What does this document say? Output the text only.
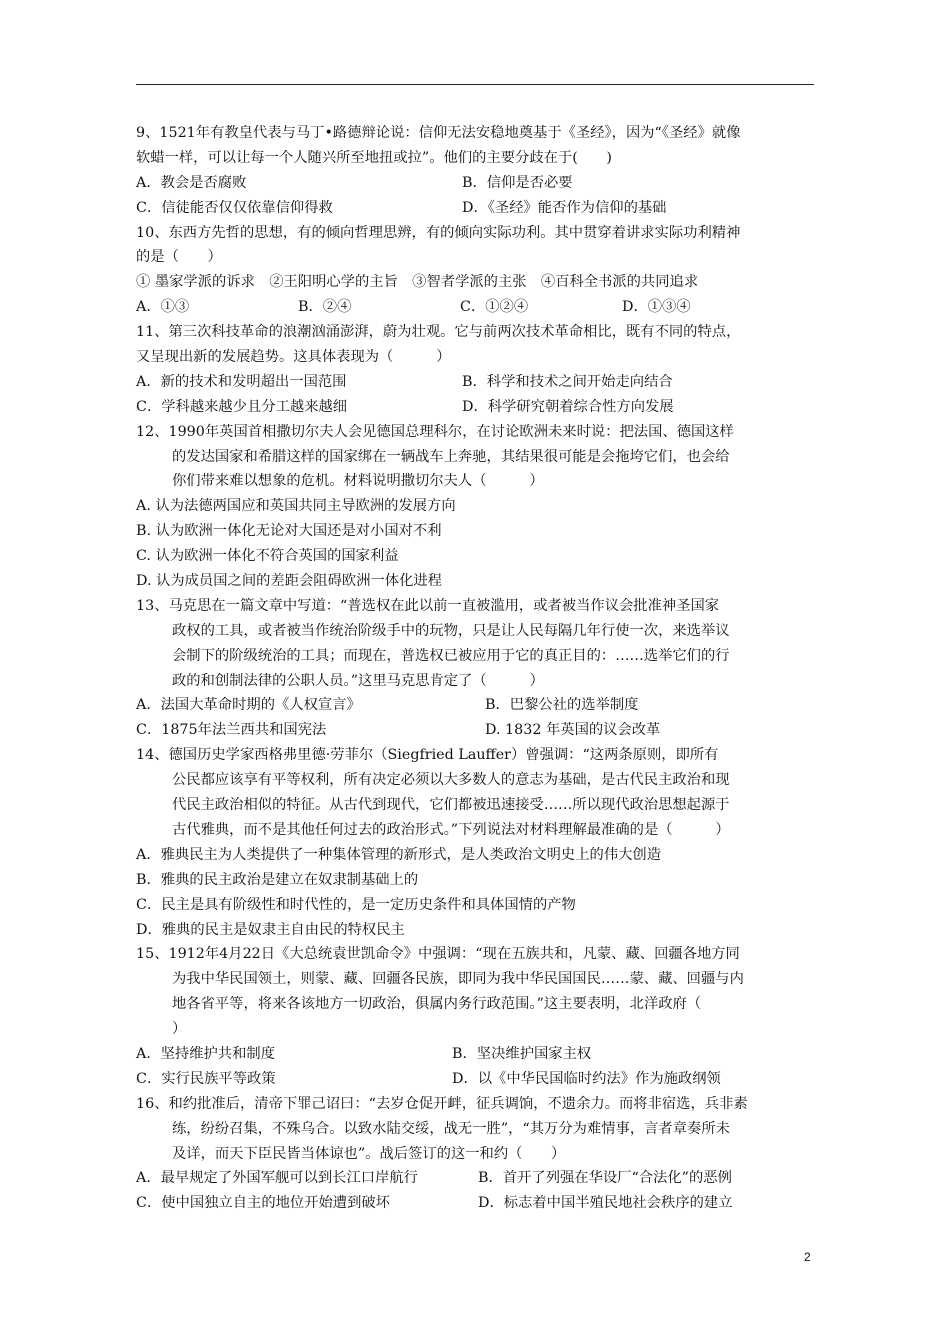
9、1521年有教皇代表与马丁•路德辩论说：信仰无法安稳地奠基于《圣经》，因为“《圣经》就像
软蜡一样，可以让每一个人随兴所至地扭或拉”。他们的主要分歧在于(　　)
A．教会是否腐败	B．信仰是否必要
C．信徒能否仅仅依靠信仰得救	D．《圣经》能否作为信仰的基础
10、东西方先哲的思想，有的倾向哲理思辨，有的倾向实际功利。其中贯穿着讲求实际功利精神
的是（　　）
① 墨家学派的诉求　②王阳明心学的主旨　③智者学派的主张　④百科全书派的共同追求
A．①③	B．②④	C．①②④	D．①③④
11、第三次科技革命的浪潮汹涌澎湃，蔚为壮观。它与前两次技术革命相比，既有不同的特点，
又呈现出新的发展趋势。这具体表现为（　　　）
A．新的技术和发明超出一国范围	B．科学和技术之间开始走向结合
C．学科越来越少且分工越来越细	D．科学研究朝着综合性方向发展
12、1990年英国首相撒切尔夫人会见德国总理科尔，在讨论欧洲未来时说：把法国、德国这样
的发达国家和希腊这样的国家绑在一辆战车上奔驰，其结果很可能是会拖垮它们，也会给
你们带来难以想象的危机。材料说明撒切尔夫人（　　　）
A. 认为法德两国应和英国共同主导欧洲的发展方向
B. 认为欧洲一体化无论对大国还是对小国对不利
C. 认为欧洲一体化不符合英国的国家利益
D. 认为成员国之间的差距会阻碍欧洲一体化进程
13、马克思在一篇文章中写道：“普选权在此以前一直被滥用，或者被当作议会批准神圣国家
政权的工具，或者被当作统治阶级手中的玩物，只是让人民每隔几年行使一次，来选举议
会制下的阶级统治的工具；而现在，普选权已被应用于它的真正目的：……选举它们的行
政的和创制法律的公职人员。”这里马克思肯定了（　　　）
A．法国大革命时期的《人权宣言》	B．巴黎公社的选举制度
C．1875年法兰西共和国宪法	D. 1832 年英国的议会改革
14、德国历史学家西格弗里德·劳菲尔（Siegfried Lauffer）曾强调：“这两条原则，即所有
公民都应该享有平等权利，所有决定必须以大多数人的意志为基础，是古代民主政治和现
代民主政治相似的特征。从古代到现代，它们都被迅速接受……所以现代政治思想起源于
古代雅典，而不是其他任何过去的政治形式。”下列说法对材料理解最准确的是（　　　）
A．雅典民主为人类提供了一种集体管理的新形式，是人类政治文明史上的伟大创造
B．雅典的民主政治是建立在奴隶制基础上的
C．民主是具有阶级性和时代性的，是一定历史条件和具体国情的产物
D．雅典的民主是奴隶主自由民的特权民主
15、1912年4月22日《大总统袁世凯命令》中强调：“现在五族共和，凡蒙、藏、回疆各地方同
为我中华民国领土，则蒙、藏、回疆各民族，即同为我中华民国国民……蒙、藏、回疆与内
地各省平等，将来各该地方一切政治，俱属内务行政范围。”这主要表明，北洋政府（
）
A．坚持维护共和制度	B．坚决维护国家主权
C．实行民族平等政策	D．以《中华民国临时约法》作为施政纲领
16、和约批准后，清帝下罪己诏曰：“去岁仓促开衅，征兵调饷，不遗余力。而将非宿选，兵非素
练，纷纷召集，不殊乌合。以致水陆交绥，战无一胜”，“其万分为难情事，言者章奏所未
及详，而天下臣民皆当体谅也”。战后签订的这一和约（　　）
A．最早规定了外国军舰可以到长江口岸航行	B．首开了列强在华设厂“合法化”的恶例
C．使中国独立自主的地位开始遭到破坏	D．标志着中国半殖民地社会秩序的建立
2
